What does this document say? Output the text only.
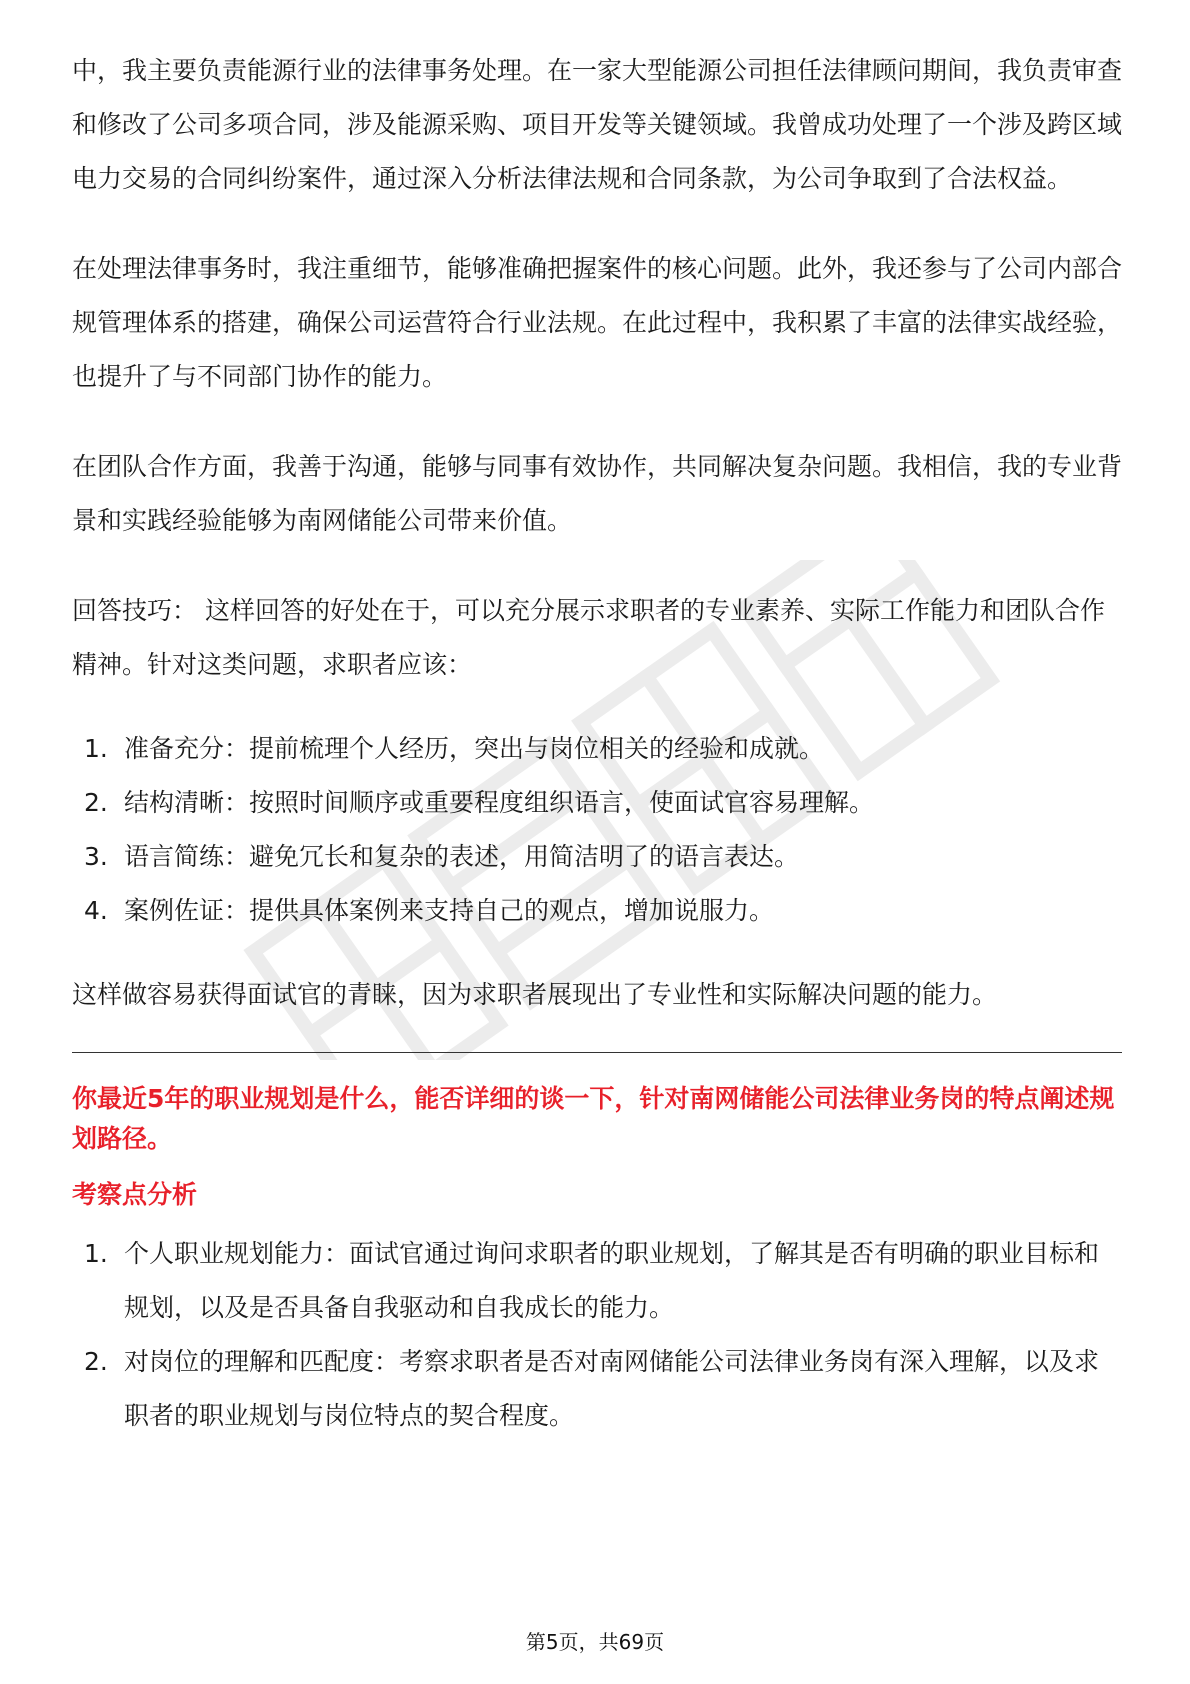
中，我主要负责能源行业的法律事务处理。在一家大型能源公司担任法律顾问期间，我负责审查和修改了公司多项合同，涉及能源采购、项目开发等关键领域。我曾成功处理了一个涉及跨区域电力交易的合同纠纷案件，通过深入分析法律法规和合同条款，为公司争取到了合法权益。

在处理法律事务时，我注重细节，能够准确把握案件的核心问题。此外，我还参与了公司内部合规管理体系的搭建，确保公司运营符合行业法规。在此过程中，我积累了丰富的法律实战经验，也提升了与不同部门协作的能力。

在团队合作方面，我善于沟通，能够与同事有效协作，共同解决复杂问题。我相信，我的专业背景和实践经验能够为南网储能公司带来价值。

回答技巧： 这样回答的好处在于，可以充分展示求职者的专业素养、实际工作能力和团队合作精神。针对这类问题，求职者应该：

1. 准备充分：提前梳理个人经历，突出与岗位相关的经验和成就。
2. 结构清晰：按照时间顺序或重要程度组织语言，使面试官容易理解。
3. 语言简练：避免冗长和复杂的表述，用简洁明了的语言表达。
4. 案例佐证：提供具体案例来支持自己的观点，增加说服力。

这样做容易获得面试官的青睐，因为求职者展现出了专业性和实际解决问题的能力。

你最近5年的职业规划是什么，能否详细的谈一下，针对南网储能公司法律业务岗的特点阐述规划路径。
考察点分析
1. 个人职业规划能力：面试官通过询问求职者的职业规划，了解其是否有明确的职业目标和规划，以及是否具备自我驱动和自我成长的能力。
2. 对岗位的理解和匹配度：考察求职者是否对南网储能公司法律业务岗有深入理解，以及求职者的职业规划与岗位特点的契合程度。
第5页，共69页
